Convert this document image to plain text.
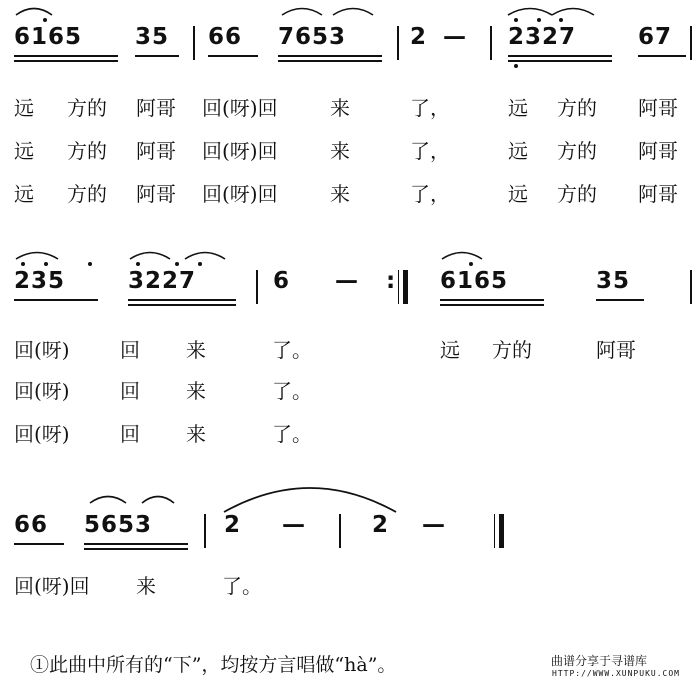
6165 35 66 7653	2 — 2327	67
远 方的 阿哥 回(呀)回	来	了，	远 方的 阿哥
远 方的 阿哥 回(呀)回	来	了，	远 方的 阿哥
远 方的 阿哥 回(呀)回	来	了，	远 方的 阿哥
235	3227	6 — : 6165	35
回(呀)	回 来	了。	远 方的	阿哥
回(呀)	回 来	了。
回(呀)	回 来	了。
66 5653	2 —	2 —
回(呀)回 来	了。
①此曲中所有的“下”，均按方言唱做“hà”。	曲谱分享于寻谱库
HTTP://WWW.XUNPUKU.COM
